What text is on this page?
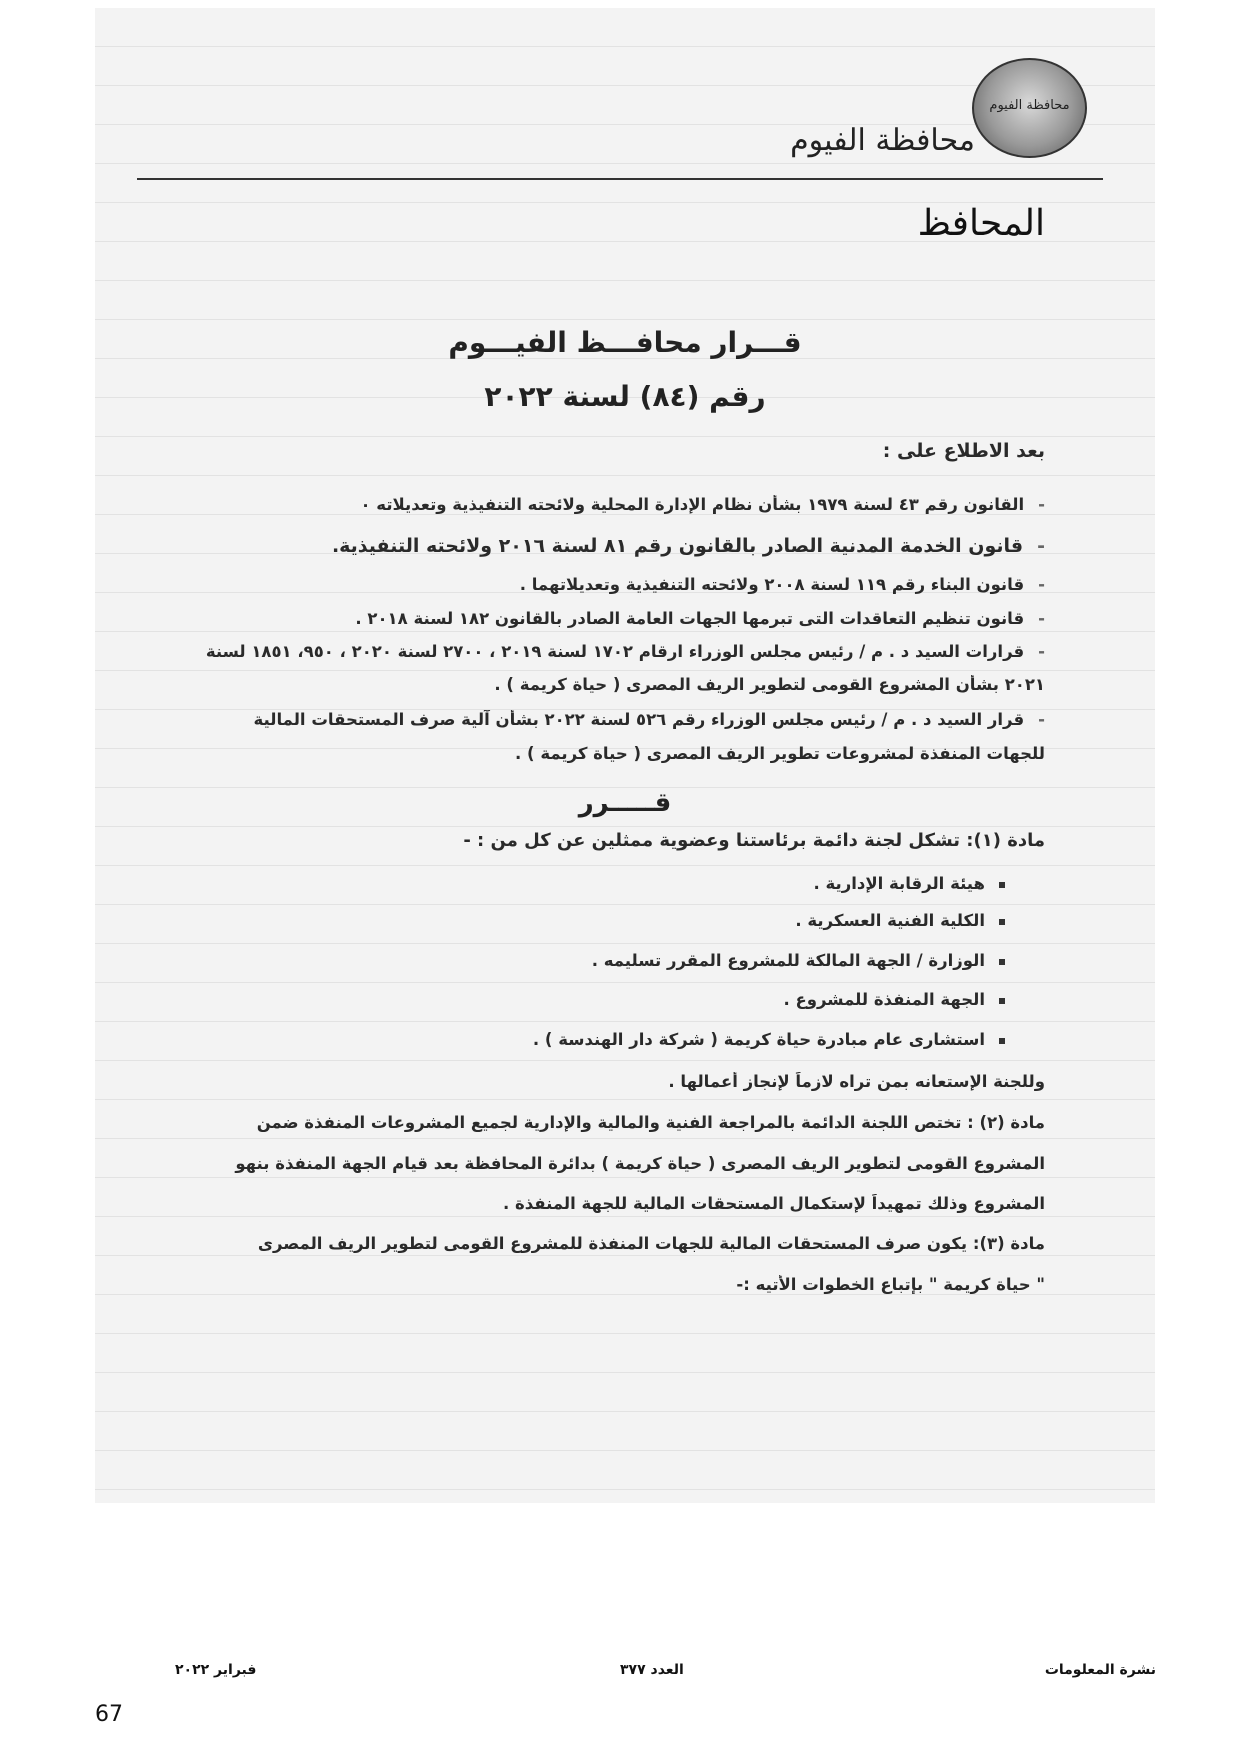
محافظة الفيوم
محافظة الفيوم
المحافظ
قـــرار محافـــظ الفيـــوم
رقم (٨٤) لسنة ٢٠٢٢
بعد الاطلاع على :
-القانون رقم ٤٣ لسنة ١٩٧٩ بشأن نظام الإدارة المحلية ولائحته التنفيذية وتعديلاته ٠
-قانون الخدمة المدنية الصادر بالقانون رقم ٨١ لسنة ٢٠١٦ ولائحته التنفيذية.
-قانون البناء رقم ١١٩ لسنة ٢٠٠٨ ولائحته التنفيذية وتعديلاتهما .
-قانون تنظيم التعاقدات التى تبرمها الجهات العامة الصادر بالقانون ١٨٢ لسنة ٢٠١٨ .
-قرارات السيد د . م / رئيس مجلس الوزراء ارقام ١٧٠٢ لسنة ٢٠١٩ ، ٢٧٠٠ لسنة ٢٠٢٠ ، ٩٥٠، ١٨٥١ لسنة
٢٠٢١ بشأن المشروع القومى لتطوير الريف المصرى ( حياة كريمة ) .
-قرار السيد د . م / رئيس مجلس الوزراء رقم ٥٢٦ لسنة ٢٠٢٢ بشأن آلية صرف المستحقات المالية
للجهات المنفذة لمشروعات تطوير الريف المصرى ( حياة كريمة ) .
قـــــرر
مادة (١): تشكل لجنة دائمة برئاستنا وعضوية ممثلين عن كل من : -
هيئة الرقابة الإدارية .
الكلية الفنية العسكرية .
الوزارة / الجهة المالكة للمشروع المقرر تسليمه .
الجهة المنفذة للمشروع .
استشارى عام مبادرة حياة كريمة ( شركة دار الهندسة ) .
وللجنة الإستعانه بمن تراه لازماً لإنجاز أعمالها .
مادة (٢) : تختص اللجنة الدائمة بالمراجعة الفنية والمالية والإدارية لجميع المشروعات المنفذة ضمن
المشروع القومى لتطوير الريف المصرى ( حياة كريمة ) بدائرة المحافظة بعد قيام الجهة المنفذة بنهو
المشروع وذلك تمهيداً لإستكمال المستحقات المالية للجهة المنفذة .
مادة (٣): يكون صرف المستحقات المالية للجهات المنفذة للمشروع القومى لتطوير الريف المصرى
" حياة كريمة " بإتباع الخطوات الأتيه :-
نشرة المعلومات
العدد ٣٧٧
فبراير ٢٠٢٢
67
